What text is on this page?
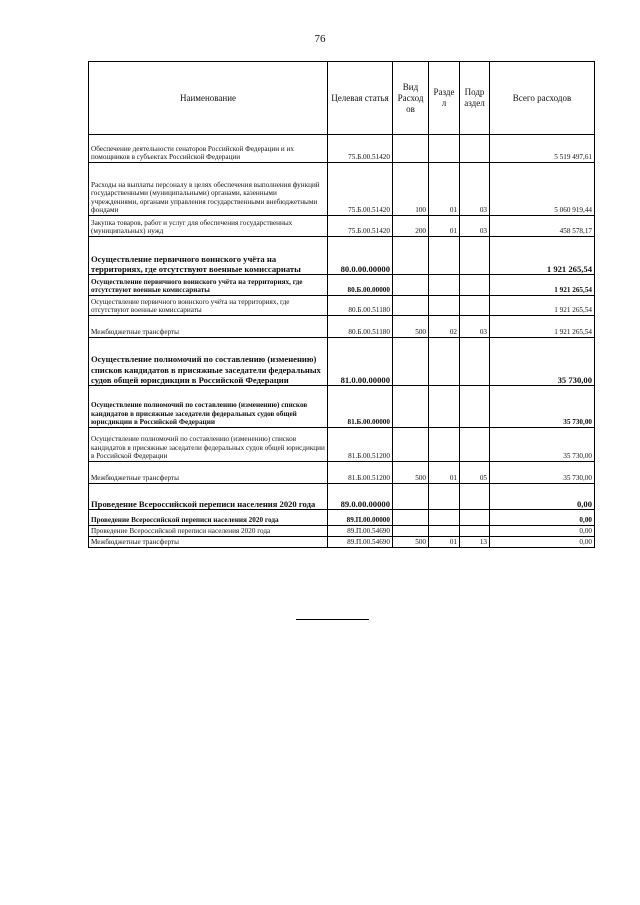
76
Наименование	Целевая статья	Вид Расход ов	Разде л	Подр аздел	Всего расходов
Обеспечение деятельности сенаторов Российской Федерации и их помощников в субъектах Российской Федерации	75.Б.00.51420				5 519 497,61
Расходы на выплаты персоналу в целях обеспечения выполнения функций государственными (муниципальными) органами, казенными учреждениями, органами управления государственными внебюджетными фондами	75.Б.00.51420	100	01	03	5 060 919,44
Закупка товаров, работ и услуг для обеспечения государственных (муниципальных) нужд	75.Б.00.51420	200	01	03	458 578,17
Осуществление первичного воинского учёта на территориях, где отсутствуют военные комиссариаты	80.0.00.00000				1 921 265,54
Осуществление первичного воинского учёта на территориях, где отсутствуют военные комиссариаты	80.Б.00.00000				1 921 265,54
Осуществление первичного воинского учёта на территориях, где отсутствуют военные комиссариаты	80.Б.00.51180				1 921 265,54
Межбюджетные трансферты	80.Б.00.51180	500	02	03	1 921 265,54
Осуществление полномочий по составлению (изменению) списков кандидатов в присяжные заседатели федеральных судов общей юрисдикции в Российской Федерации	81.0.00.00000				35 730,00
Осуществление полномочий по составлению (изменению) списков кандидатов в присяжные заседатели федеральных судов общей юрисдикции в Российской Федерации	81.Б.00.00000				35 730,00
Осуществление полномочий по составлению (изменению) списков кандидатов в присяжные заседатели федеральных судов общей юрисдикции в Российской Федерации	81.Б.00.51200				35 730,00
Межбюджетные трансферты	81.Б.00.51200	500	01	05	35 730,00
Проведение Всероссийской переписи населения 2020 года	89.0.00.00000				0,00
Проведение Всероссийской переписи населения 2020 года	89.П.00.00000				0,00
Проведение Всероссийской переписи населения 2020 года	89.П.00.54690				0,00
Межбюджетные трансферты	89.П.00.54690	500	01	13	0,00
